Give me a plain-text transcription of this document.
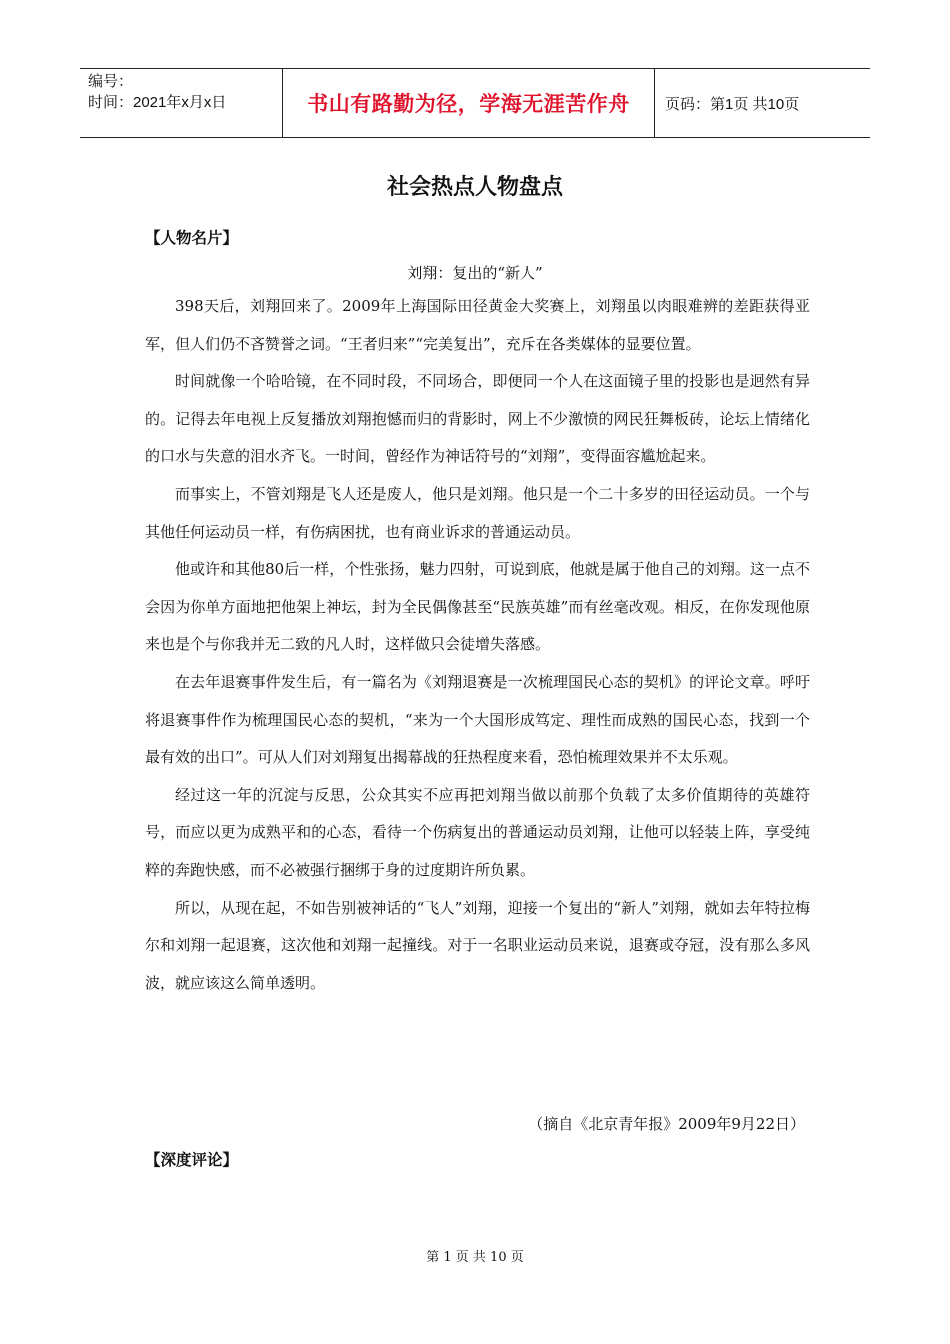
编号：
时间：2021年x月x日	书山有路勤为径，学海无涯苦作舟	页码：第1页 共10页
社会热点人物盘点
【人物名片】
刘翔：复出的“新人”

398天后，刘翔回来了。2009年上海国际田径黄金大奖赛上，刘翔虽以肉眼难辨的差距获得亚军，但人们仍不吝赞誉之词。“王者归来”“完美复出”，充斥在各类媒体的显要位置。

时间就像一个哈哈镜，在不同时段，不同场合，即便同一个人在这面镜子里的投影也是迥然有异的。记得去年电视上反复播放刘翔抱憾而归的背影时，网上不少激愤的网民狂舞板砖，论坛上情绪化的口水与失意的泪水齐飞。一时间，曾经作为神话符号的“刘翔”，变得面容尴尬起来。

而事实上，不管刘翔是飞人还是废人，他只是刘翔。他只是一个二十多岁的田径运动员。一个与其他任何运动员一样，有伤病困扰，也有商业诉求的普通运动员。

他或许和其他80后一样，个性张扬，魅力四射，可说到底，他就是属于他自己的刘翔。这一点不会因为你单方面地把他架上神坛，封为全民偶像甚至“民族英雄”而有丝毫改观。相反，在你发现他原来也是个与你我并无二致的凡人时，这样做只会徒增失落感。

在去年退赛事件发生后，有一篇名为《刘翔退赛是一次梳理国民心态的契机》的评论文章。呼吁将退赛事件作为梳理国民心态的契机，“来为一个大国形成笃定、理性而成熟的国民心态，找到一个最有效的出口”。可从人们对刘翔复出揭幕战的狂热程度来看，恐怕梳理效果并不太乐观。

经过这一年的沉淀与反思，公众其实不应再把刘翔当做以前那个负载了太多价值期待的英雄符号，而应以更为成熟平和的心态，看待一个伤病复出的普通运动员刘翔，让他可以轻装上阵，享受纯粹的奔跑快感，而不必被强行捆绑于身的过度期许所负累。

所以，从现在起，不如告别被神话的“飞人”刘翔，迎接一个复出的“新人”刘翔，就如去年特拉梅尔和刘翔一起退赛，这次他和刘翔一起撞线。对于一名职业运动员来说，退赛或夺冠，没有那么多风波，就应该这么简单透明。

（摘自《北京青年报》2009年9月22日）
【深度评论】
第 1 页 共 10 页
